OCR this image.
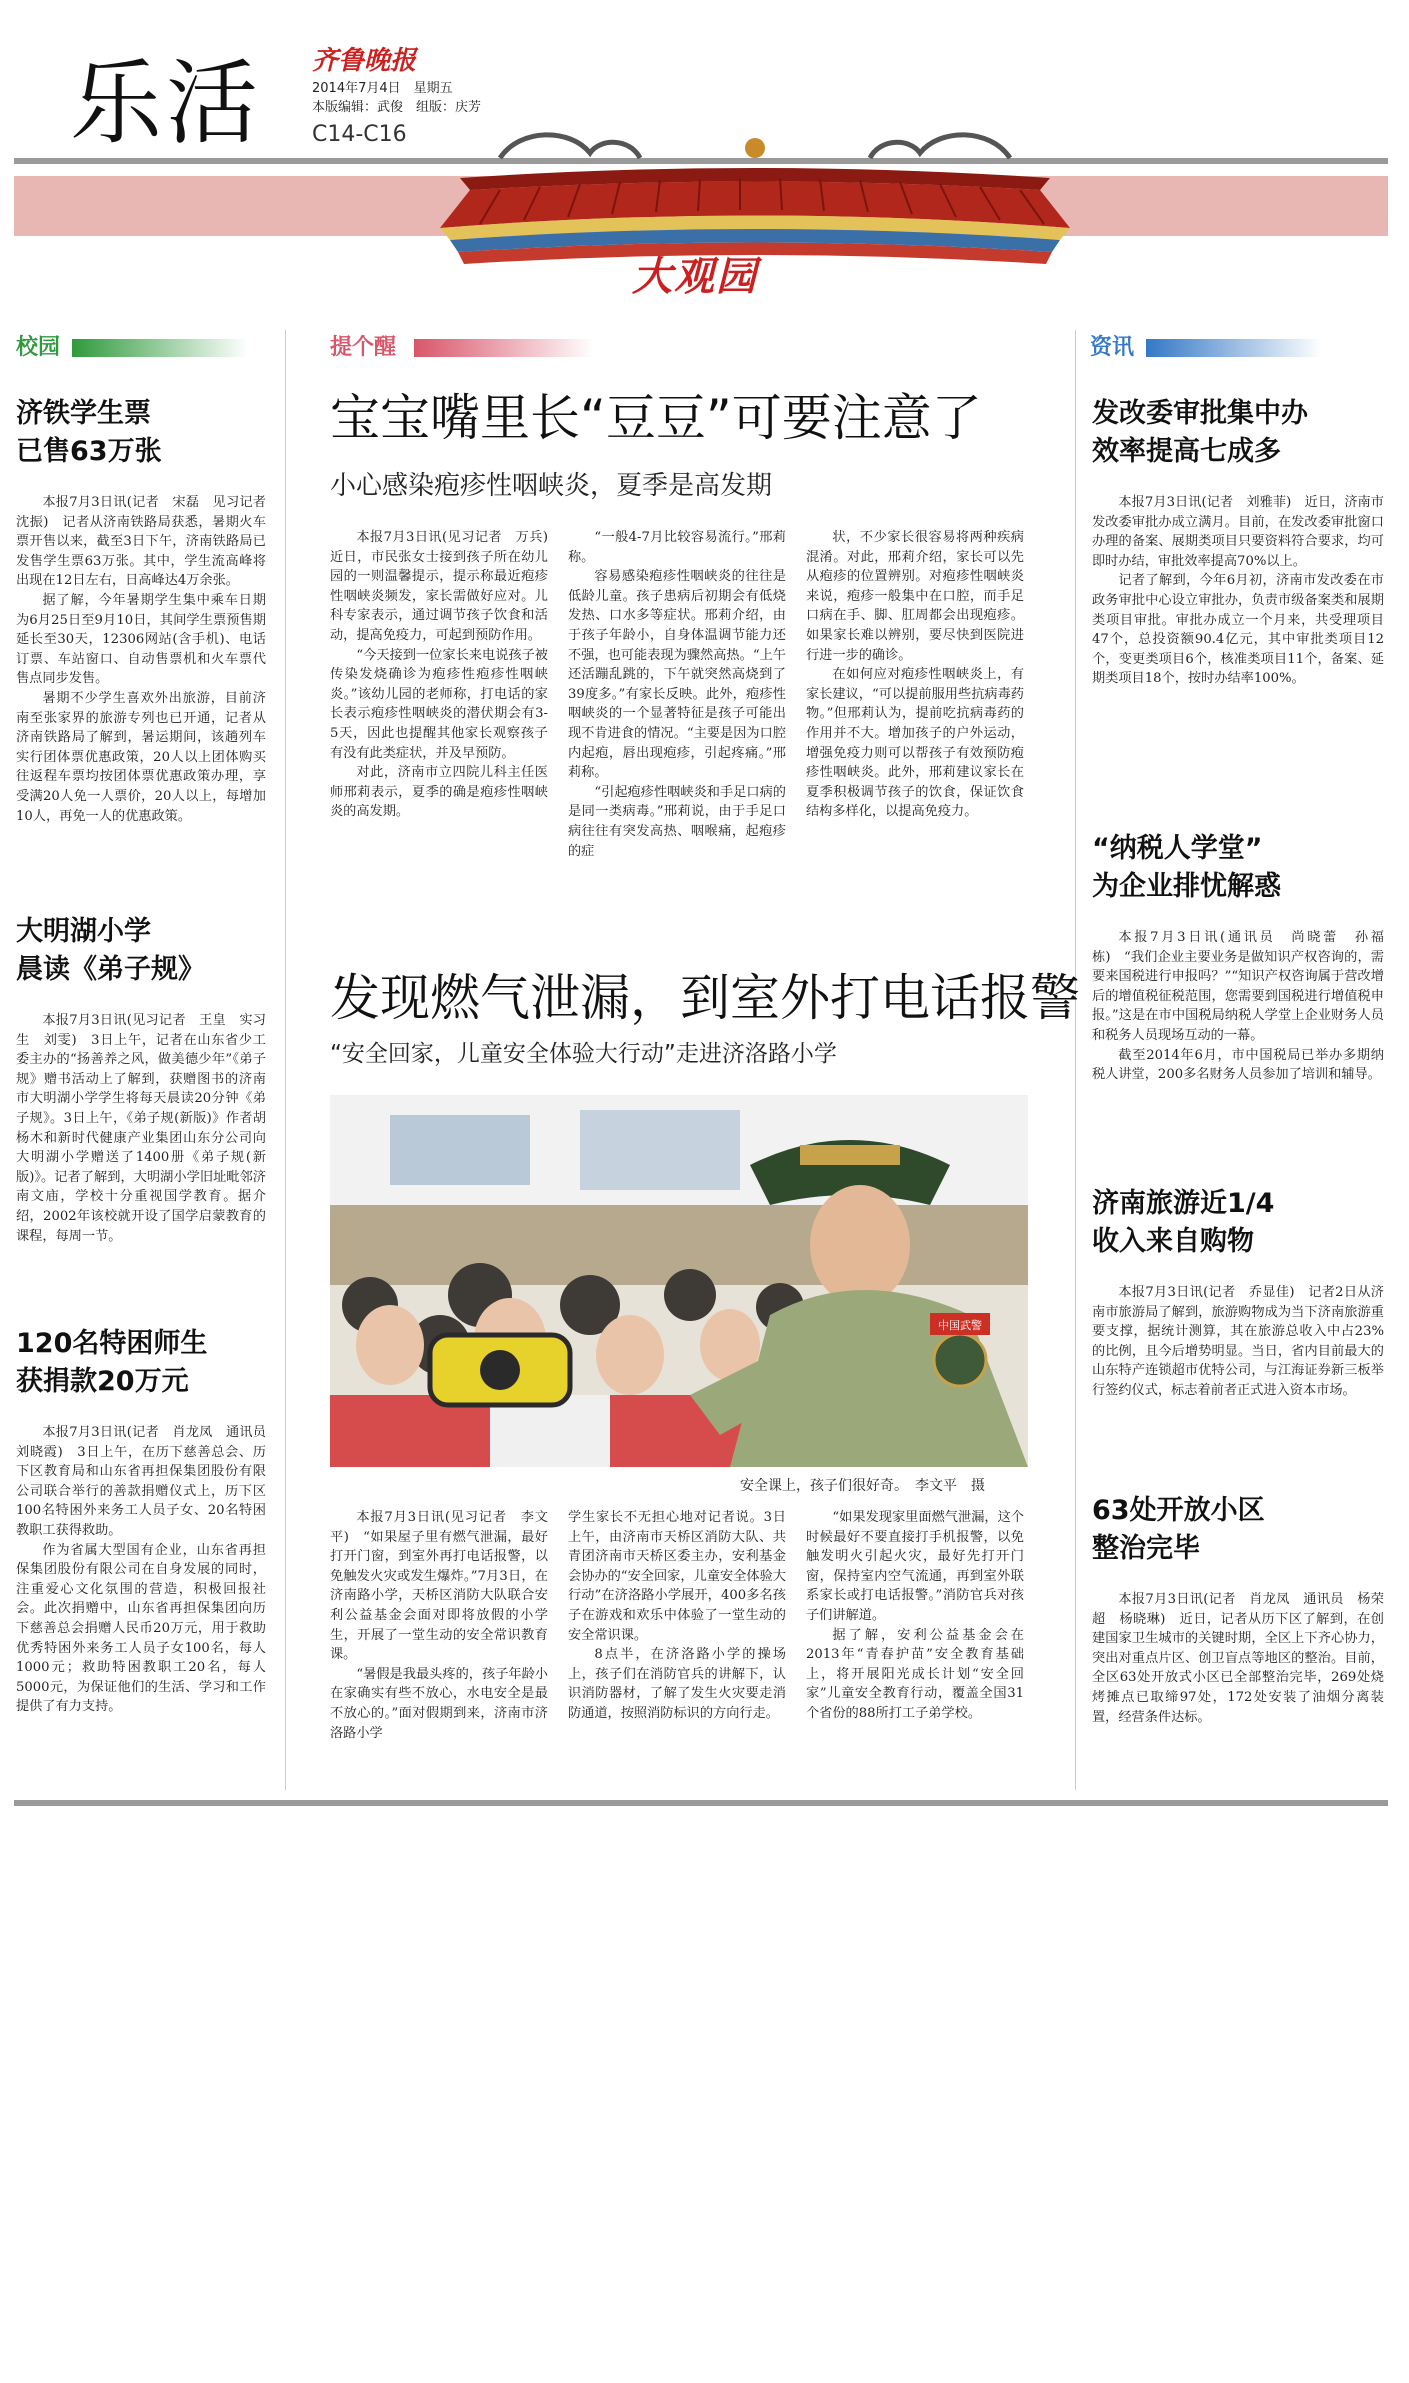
乐活 齐鲁晚报
2014年7月4日　星期五
本版编辑：武俊　组版：庆芳
C14-C16
大观园
校园	提个醒	资讯
济铁学生票
已售63万张

本报7月3日讯(记者　宋磊　见习记者　沈振)　记者从济南铁路局获悉，暑期火车票开售以来，截至3日下午，济南铁路局已发售学生票63万张。其中，学生流高峰将出现在12日左右，日高峰达4万余张。

据了解，今年暑期学生集中乘车日期为6月25日至9月10日，其间学生票预售期延长至30天，12306网站(含手机)、电话订票、车站窗口、自动售票机和火车票代售点同步发售。

暑期不少学生喜欢外出旅游，目前济南至张家界的旅游专列也已开通，记者从济南铁路局了解到，暑运期间，该趟列车实行团体票优惠政策，20人以上团体购买往返程车票均按团体票优惠政策办理，享受满20人免一人票价，20人以上，每增加10人，再免一人的优惠政策。

大明湖小学
晨读《弟子规》

本报7月3日讯(见习记者　王皇　实习生　刘雯)　3日上午，记者在山东省少工委主办的“扬善养之风，做美德少年”《弟子规》赠书活动上了解到，获赠图书的济南市大明湖小学学生将每天晨读20分钟《弟子规》。3日上午，《弟子规(新版)》作者胡杨木和新时代健康产业集团山东分公司向大明湖小学赠送了1400册《弟子规(新版)》。记者了解到，大明湖小学旧址毗邻济南文庙，学校十分重视国学教育。据介绍，2002年该校就开设了国学启蒙教育的课程，每周一节。

120名特困师生
获捐款20万元

本报7月3日讯(记者　肖龙凤　通讯员　刘晓霞)　3日上午，在历下慈善总会、历下区教育局和山东省再担保集团股份有限公司联合举行的善款捐赠仪式上，历下区100名特困外来务工人员子女、20名特困教职工获得救助。

作为省属大型国有企业，山东省再担保集团股份有限公司在自身发展的同时，注重爱心文化氛围的营造，积极回报社会。此次捐赠中，山东省再担保集团向历下慈善总会捐赠人民币20万元，用于救助优秀特困外来务工人员子女100名，每人1000元；救助特困教职工20名，每人5000元，为保证他们的生活、学习和工作提供了有力支持。

宝宝嘴里长“豆豆”可要注意了
小心感染疱疹性咽峡炎，夏季是高发期

本报7月3日讯(见习记者　万兵)　近日，市民张女士接到孩子所在幼儿园的一则温馨提示，提示称最近疱疹性咽峡炎频发，家长需做好应对。儿科专家表示，通过调节孩子饮食和活动，提高免疫力，可起到预防作用。

“今天接到一位家长来电说孩子被传染发烧确诊为疱疹性疱疹性咽峡炎。”该幼儿园的老师称，打电话的家长表示疱疹性咽峡炎的潜伏期会有3-5天，因此也提醒其他家长观察孩子有没有此类症状，并及早预防。

对此，济南市立四院儿科主任医师邢莉表示，夏季的确是疱疹性咽峡炎的高发期。

“一般4-7月比较容易流行。”邢莉称。

容易感染疱疹性咽峡炎的往往是低龄儿童。孩子患病后初期会有低烧发热、口水多等症状。邢莉介绍，由于孩子年龄小，自身体温调节能力还不强，也可能表现为骤然高热。“上午还活蹦乱跳的，下午就突然高烧到了39度多。”有家长反映。此外，疱疹性咽峡炎的一个显著特征是孩子可能出现不肯进食的情况。“主要是因为口腔内起疱，唇出现疱疹，引起疼痛。”邢莉称。

“引起疱疹性咽峡炎和手足口病的是同一类病毒。”邢莉说，由于手足口病往往有突发高热、咽喉痛，起疱疹的症

状，不少家长很容易将两种疾病混淆。对此，邢莉介绍，家长可以先从疱疹的位置辨别。对疱疹性咽峡炎来说，疱疹一般集中在口腔，而手足口病在手、脚、肛周都会出现疱疹。如果家长难以辨别，要尽快到医院进行进一步的确诊。

在如何应对疱疹性咽峡炎上，有家长建议，“可以提前服用些抗病毒药物。”但邢莉认为，提前吃抗病毒药的作用并不大。增加孩子的户外运动，增强免疫力则可以帮孩子有效预防疱疹性咽峡炎。此外，邢莉建议家长在夏季积极调节孩子的饮食，保证饮食结构多样化，以提高免疫力。

发现燃气泄漏，到室外打电话报警
“安全回家，儿童安全体验大行动”走进济洛路小学
中国武警
安全课上，孩子们很好奇。　李文平　摄

本报7月3日讯(见习记者　李文平)　“如果屋子里有燃气泄漏，最好打开门窗，到室外再打电话报警，以免触发火灾或发生爆炸。”7月3日，在济南路小学，天桥区消防大队联合安利公益基金会面对即将放假的小学生，开展了一堂生动的安全常识教育课。

“暑假是我最头疼的，孩子年龄小在家确实有些不放心，水电安全是最不放心的。”面对假期到来，济南市济洛路小学

学生家长不无担心地对记者说。3日上午，由济南市天桥区消防大队、共青团济南市天桥区委主办，安利基金会协办的“安全回家，儿童安全体验大行动”在济洛路小学展开，400多名孩子在游戏和欢乐中体验了一堂生动的安全常识课。

8点半，在济洛路小学的操场上，孩子们在消防官兵的讲解下，认识消防器材，了解了发生火灾要走消防通道，按照消防标识的方向行走。

“如果发现家里面燃气泄漏，这个时候最好不要直接打手机报警，以免触发明火引起火灾，最好先打开门窗，保持室内空气流通，再到室外联系家长或打电话报警。”消防官兵对孩子们讲解道。

据了解，安利公益基金会在2013年“青春护苗”安全教育基础上，将开展阳光成长计划“安全回家”儿童安全教育行动，覆盖全国31个省份的88所打工子弟学校。

发改委审批集中办
效率提高七成多

本报7月3日讯(记者　刘雅菲)　近日，济南市发改委审批办成立满月。目前，在发改委审批窗口办理的备案、展期类项目只要资料符合要求，均可即时办结，审批效率提高70%以上。

记者了解到，今年6月初，济南市发改委在市政务审批中心设立审批办，负责市级备案类和展期类项目审批。审批办成立一个月来，共受理项目47个，总投资额90.4亿元，其中审批类项目12个，变更类项目6个，核准类项目11个，备案、延期类项目18个，按时办结率100%。

“纳税人学堂”
为企业排忧解惑

本报7月3日讯(通讯员　尚晓蕾　孙福栋)　“我们企业主要业务是做知识产权咨询的，需要来国税进行申报吗？”“知识产权咨询属于营改增后的增值税征税范围，您需要到国税进行增值税申报。”这是在市中国税局纳税人学堂上企业财务人员和税务人员现场互动的一幕。

截至2014年6月，市中国税局已举办多期纳税人讲堂，200多名财务人员参加了培训和辅导。

济南旅游近1/4
收入来自购物

本报7月3日讯(记者　乔显佳)　记者2日从济南市旅游局了解到，旅游购物成为当下济南旅游重要支撑，据统计测算，其在旅游总收入中占23%的比例，且今后增势明显。当日，省内目前最大的山东特产连锁超市优特公司，与江海证券新三板举行签约仪式，标志着前者正式进入资本市场。

63处开放小区
整治完毕

本报7月3日讯(记者　肖龙凤　通讯员　杨荣超　杨晓琳)　近日，记者从历下区了解到，在创建国家卫生城市的关键时期，全区上下齐心协力，突出对重点片区、创卫盲点等地区的整治。目前，全区63处开放式小区已全部整治完毕，269处烧烤摊点已取缔97处，172处安装了油烟分离装置，经营条件达标。
